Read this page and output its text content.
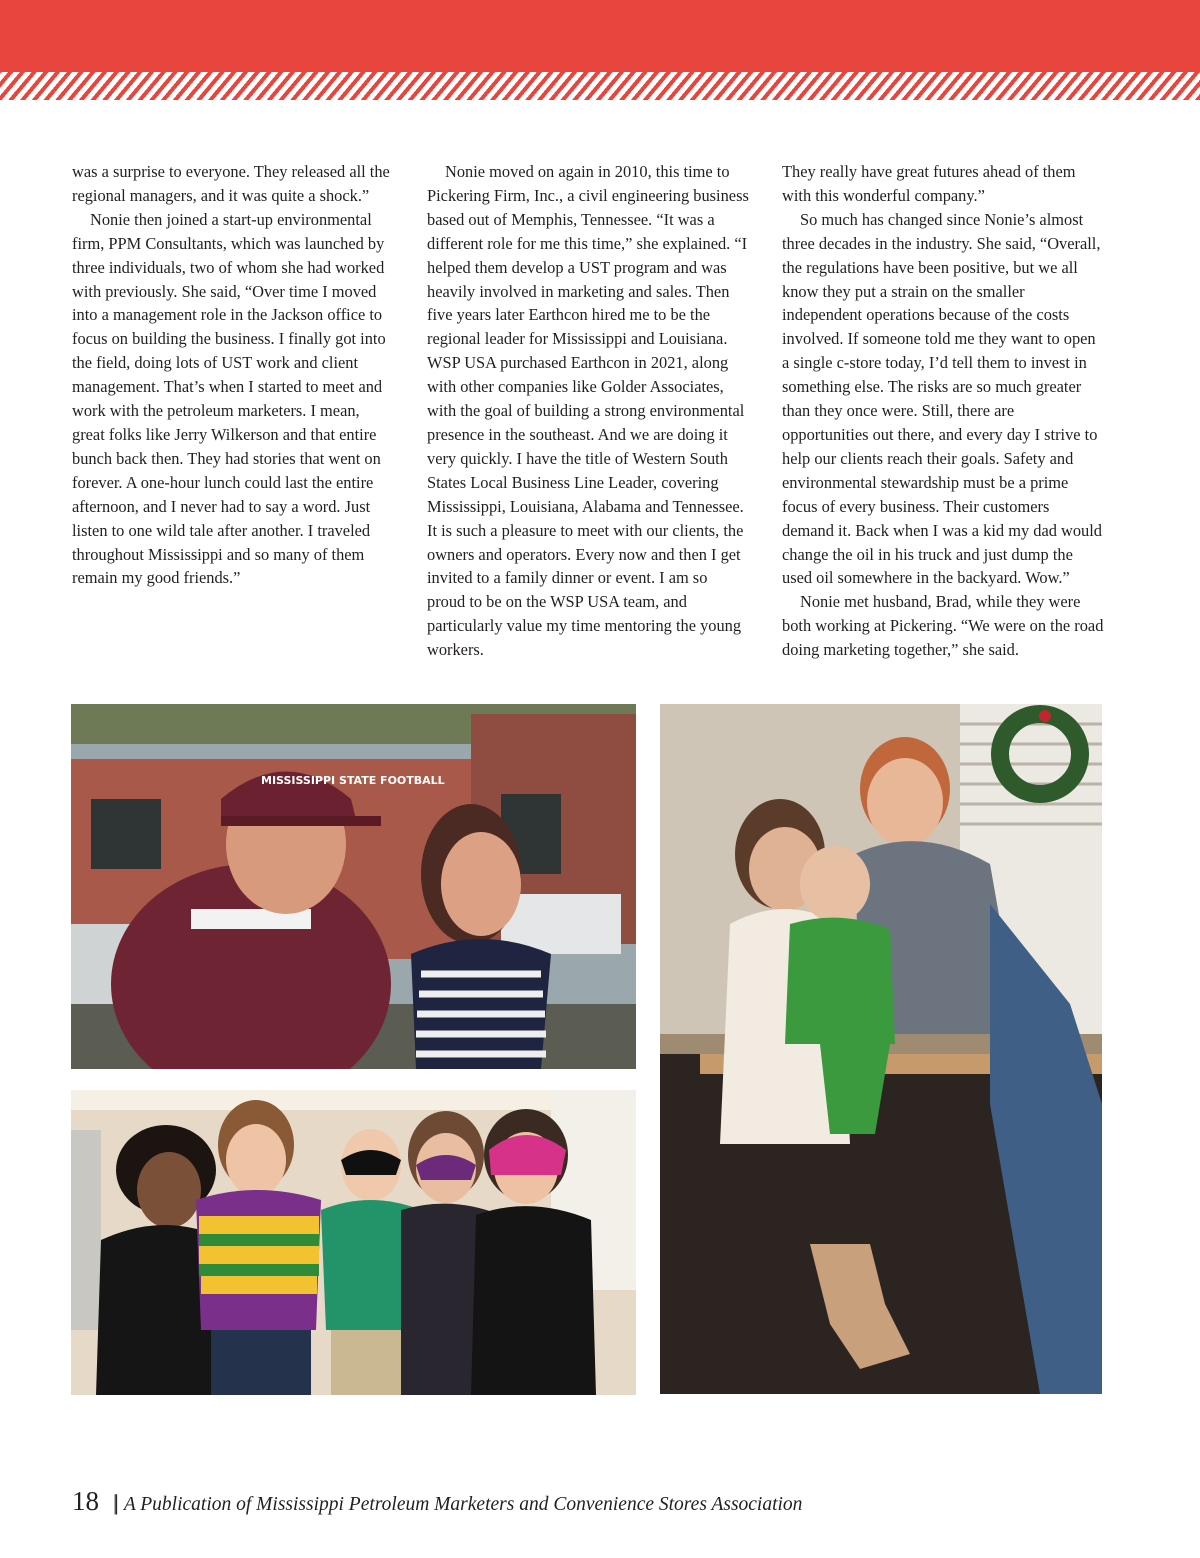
was a surprise to everyone. They released all the regional managers, and it was quite a shock.”

Nonie then joined a start-up environmental firm, PPM Consultants, which was launched by three individuals, two of whom she had worked with previously. She said, “Over time I moved into a management role in the Jackson office to focus on building the business. I finally got into the field, doing lots of UST work and client management. That’s when I started to meet and work with the petroleum marketers. I mean, great folks like Jerry Wilkerson and that entire bunch back then. They had stories that went on forever. A one-hour lunch could last the entire afternoon, and I never had to say a word. Just listen to one wild tale after another. I traveled throughout Mississippi and so many of them remain my good friends.”

Nonie moved on again in 2010, this time to Pickering Firm, Inc., a civil engineering business based out of Memphis, Tennessee. “It was a different role for me this time,” she explained. “I helped them develop a UST program and was heavily involved in marketing and sales. Then five years later Earthcon hired me to be the regional leader for Mississippi and Louisiana. WSP USA purchased Earthcon in 2021, along with other companies like Golder Associates, with the goal of building a strong environmental presence in the southeast. And we are doing it very quickly. I have the title of Western South States Local Business Line Leader, covering Mississippi, Louisiana, Alabama and Tennessee. It is such a pleasure to meet with our clients, the owners and operators. Every now and then I get invited to a family dinner or event. I am so proud to be on the WSP USA team, and particularly value my time mentoring the young workers.

They really have great futures ahead of them with this wonderful company.”

So much has changed since Nonie’s almost three decades in the industry. She said, “Overall, the regulations have been positive, but we all know they put a strain on the smaller independent operations because of the costs involved. If someone told me they want to open a single c-store today, I’d tell them to invest in something else. The risks are so much greater than they once were. Still, there are opportunities out there, and every day I strive to help our clients reach their goals. Safety and environmental stewardship must be a prime focus of every business. Their customers demand it. Back when I was a kid my dad would change the oil in his truck and just dump the used oil somewhere in the backyard. Wow.”

Nonie met husband, Brad, while they were both working at Pickering. “We were on the road doing marketing together,” she said.

MISSISSIPPI STATE FOOTBALL
18 || A Publication of Mississippi Petroleum Marketers and Convenience Stores Association
